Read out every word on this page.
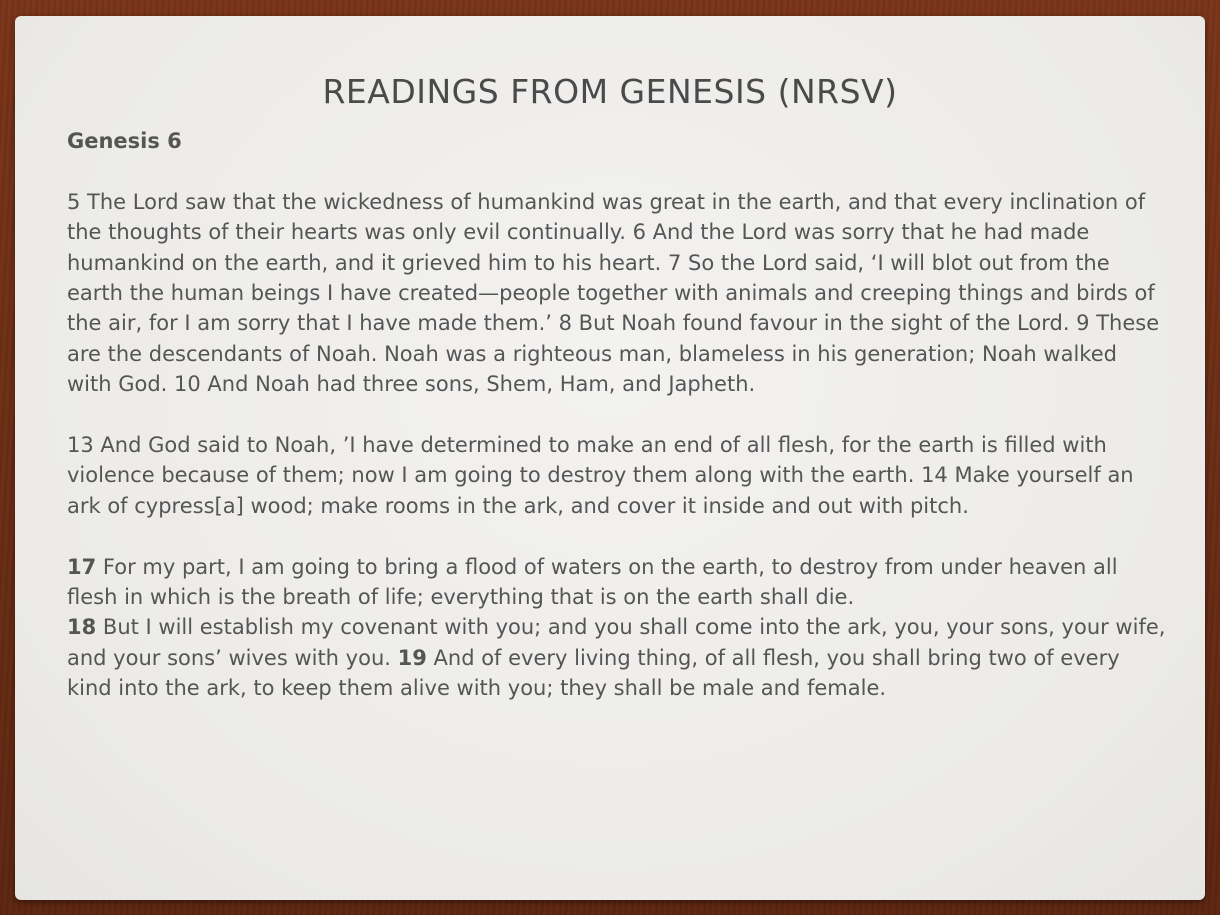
READINGS FROM GENESIS (NRSV)

Genesis 6

5 The Lord saw that the wickedness of humankind was great in the earth, and that every inclination of the thoughts of their hearts was only evil continually. 6 And the Lord was sorry that he had made humankind on the earth, and it grieved him to his heart. 7 So the Lord said, ‘I will blot out from the earth the human beings I have created—people together with animals and creeping things and birds of the air, for I am sorry that I have made them.’ 8 But Noah found favour in the sight of the Lord. 9 These are the descendants of Noah. Noah was a righteous man, blameless in his generation; Noah walked with God. 10 And Noah had three sons, Shem, Ham, and Japheth.

13 And God said to Noah, ’I have determined to make an end of all flesh, for the earth is filled with violence because of them; now I am going to destroy them along with the earth. 14 Make yourself an ark of cypress[a] wood; make rooms in the ark, and cover it inside and out with pitch.

17 For my part, I am going to bring a flood of waters on the earth, to destroy from under heaven all flesh in which is the breath of life; everything that is on the earth shall die.
18 But I will establish my covenant with you; and you shall come into the ark, you, your sons, your wife, and your sons’ wives with you. 19 And of every living thing, of all flesh, you shall bring two of every kind into the ark, to keep them alive with you; they shall be male and female.
